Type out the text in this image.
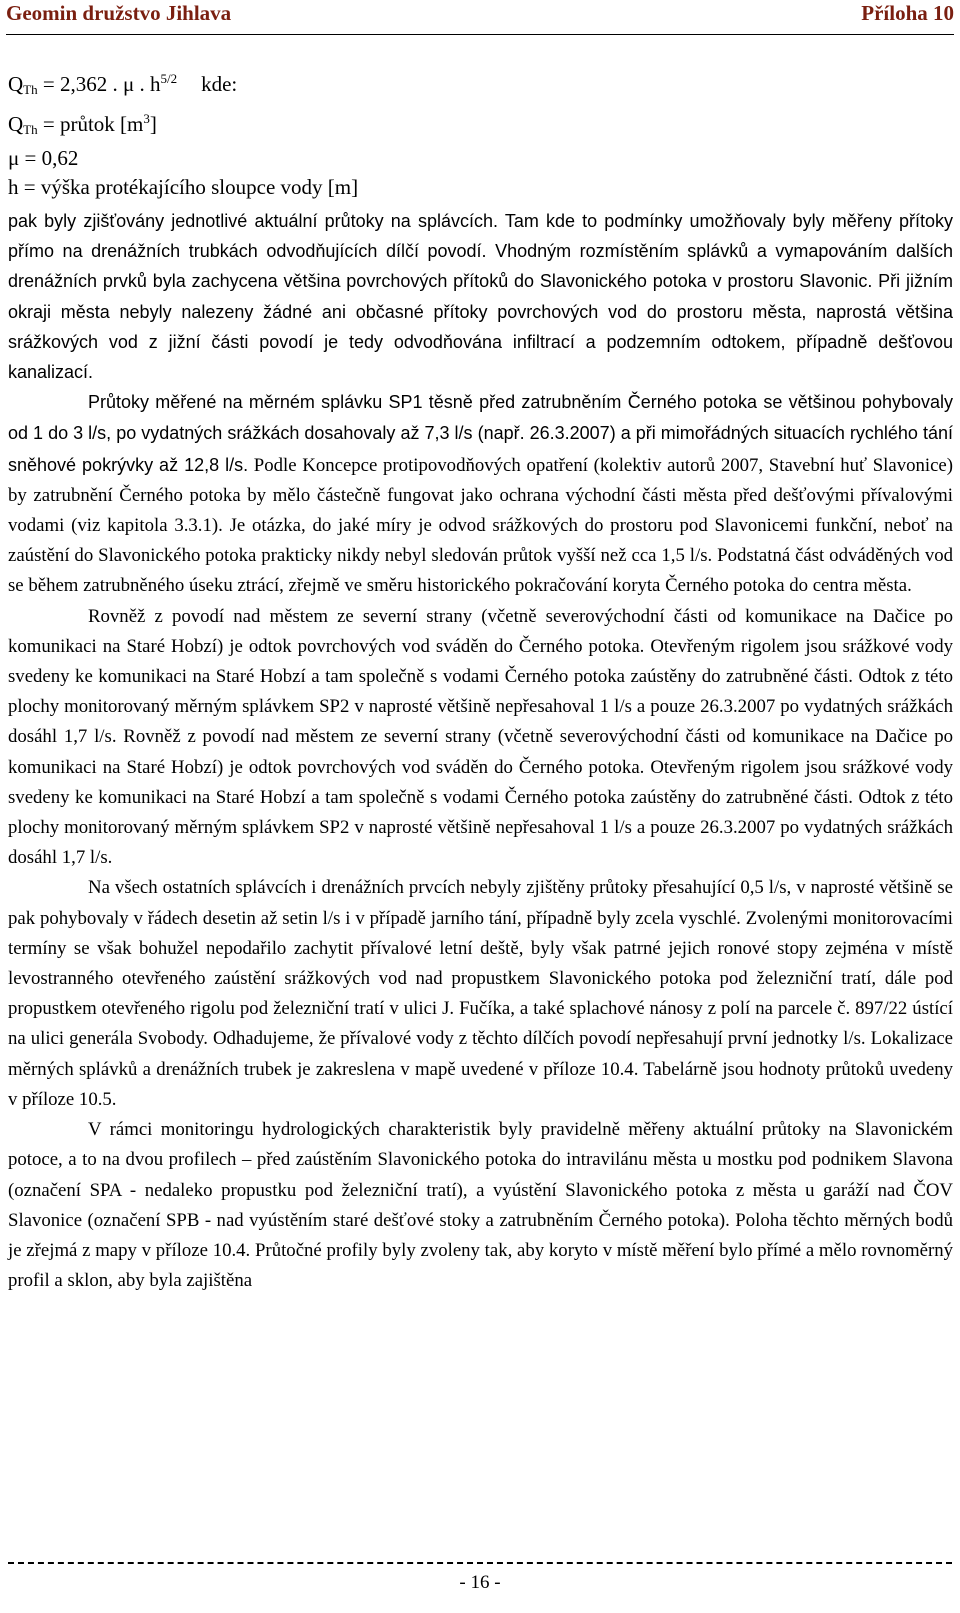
Geomin družstvo Jihlava	Příloha 10
$Q_{Th} = 2,362$ . μ . $h^{5/2}$ kde:
$Q_{Th}$ = průtok $[m^3]$
μ = 0,62
h = výška protékajícího sloupce vody [m]

pak byly zjišťovány jednotlivé aktuální průtoky na splávcích. Tam kde to podmínky umožňovaly byly měřeny přítoky přímo na drenážních trubkách odvodňujících dílčí povodí. Vhodným rozmístěním splávků a vymapováním dalších drenážních prvků byla zachycena většina povrchových přítoků do Slavonického potoka v prostoru Slavonic. Při jižním okraji města nebyly nalezeny žádné ani občasné přítoky povrchových vod do prostoru města, naprostá většina srážkových vod z jižní části povodí je tedy odvodňována infiltrací a podzemním odtokem, případně dešťovou kanalizací.

Průtoky měřené na měrném splávku SP1 těsně před zatrubněním Černého potoka se většinou pohybovaly od 1 do 3 l/s, po vydatných srážkách dosahovaly až 7,3 l/s (např. 26.3.2007) a při mimořádných situacích rychlého tání sněhové pokrývky až 12,8 l/s. Podle Koncepce protipovodňových opatření (kolektiv autorů 2007, Stavební huť Slavonice) by zatrubnění Černého potoka by mělo částečně fungovat jako ochrana východní části města před dešťovými přívalovými vodami (viz kapitola 3.3.1). Je otázka, do jaké míry je odvod srážkových do prostoru pod Slavonicemi funkční, neboť na zaústění do Slavonického potoka prakticky nikdy nebyl sledován průtok vyšší než cca 1,5 l/s. Podstatná část odváděných vod se během zatrubněného úseku ztrácí, zřejmě ve směru historického pokračování koryta Černého potoka do centra města.

Rovněž z povodí nad městem ze severní strany (včetně severovýchodní části od komunikace na Dačice po komunikaci na Staré Hobzí) je odtok povrchových vod sváděn do Černého potoka. Otevřeným rigolem jsou srážkové vody svedeny ke komunikaci na Staré Hobzí a tam společně s vodami Černého potoka zaústěny do zatrubněné části. Odtok z této plochy monitorovaný měrným splávkem SP2 v naprosté většině nepřesahoval 1 l/s a pouze 26.3.2007 po vydatných srážkách dosáhl 1,7 l/s. Rovněž z povodí nad městem ze severní strany (včetně severovýchodní části od komunikace na Dačice po komunikaci na Staré Hobzí) je odtok povrchových vod sváděn do Černého potoka. Otevřeným rigolem jsou srážkové vody svedeny ke komunikaci na Staré Hobzí a tam společně s vodami Černého potoka zaústěny do zatrubněné části. Odtok z této plochy monitorovaný měrným splávkem SP2 v naprosté většině nepřesahoval 1 l/s a pouze 26.3.2007 po vydatných srážkách dosáhl 1,7 l/s.

Na všech ostatních splávcích i drenážních prvcích nebyly zjištěny průtoky přesahující 0,5 l/s, v naprosté většině se pak pohybovaly v řádech desetin až setin l/s i v případě jarního tání, případně byly zcela vyschlé. Zvolenými monitorovacími termíny se však bohužel nepodařilo zachytit přívalové letní deště, byly však patrné jejich ronové stopy zejména v místě levostranného otevřeného zaústění srážkových vod nad propustkem Slavonického potoka pod železniční tratí, dále pod propustkem otevřeného rigolu pod železniční tratí v ulici J. Fučíka, a také splachové nánosy z polí na parcele č. 897/22 ústící na ulici generála Svobody. Odhadujeme, že přívalové vody z těchto dílčích povodí nepřesahují první jednotky l/s. Lokalizace měrných splávků a drenážních trubek je zakreslena v mapě uvedené v příloze 10.4. Tabelárně jsou hodnoty průtoků uvedeny v příloze 10.5.

V rámci monitoringu hydrologických charakteristik byly pravidelně měřeny aktuální průtoky na Slavonickém potoce, a to na dvou profilech – před zaústěním Slavonického potoka do intravilánu města u mostku pod podnikem Slavona (označení SPA - nedaleko propustku pod železniční tratí), a vyústění Slavonického potoka z města u garáží nad ČOV Slavonice (označení SPB - nad vyústěním staré dešťové stoky a zatrubněním Černého potoka). Poloha těchto měrných bodů je zřejmá z mapy v příloze 10.4. Průtočné profily byly zvoleny tak, aby koryto v místě měření bylo přímé a mělo rovnoměrný profil a sklon, aby byla zajištěna

- 16 -
